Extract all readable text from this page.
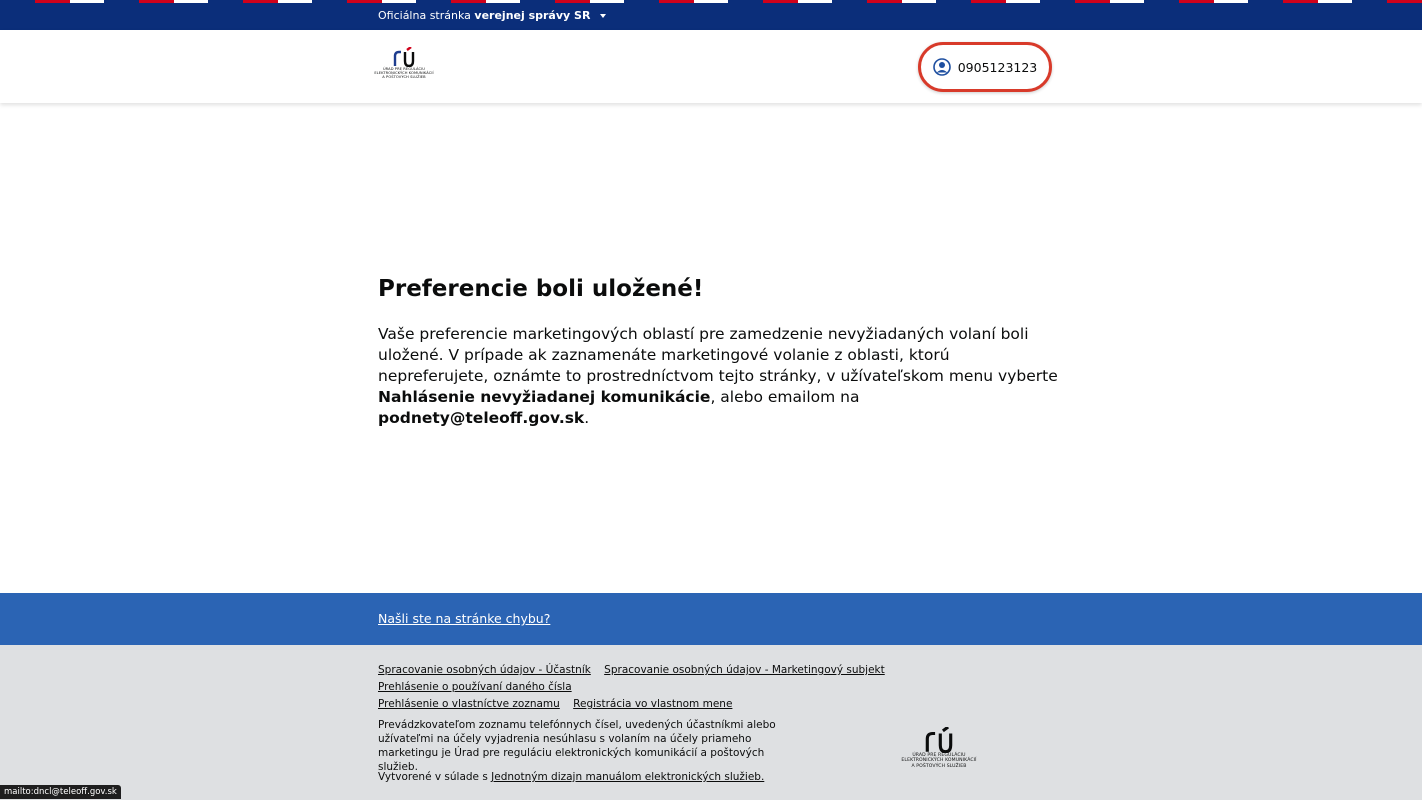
Oficiálna stránka verejnej správy SR
ÚRAD PRE REGULÁCIU
ELEKTRONICKÝCH KOMUNIKÁCIÍ
A POŠTOVÝCH SLUŽIEB
0905123123
Preferencie boli uložené!

Vaše preferencie marketingových oblastí pre zamedzenie nevyžiadaných volaní boli uložené. V prípade ak zaznamenáte marketingové volanie z oblasti, ktorú nepreferujete, oznámte to prostredníctvom tejto stránky, v užívateľskom menu vyberte Nahlásenie nevyžiadanej komunikácie, alebo emailom na podnety@teleoff.gov.sk.

Našli ste na stránke chybu?
Spracovanie osobných údajov - Účastník Spracovanie osobných údajov - Marketingový subjekt Prehlásenie o používaní daného čísla
Prehlásenie o vlastníctve zoznamu Registrácia vo vlastnom mene

Prevádzkovateľom zoznamu telefónnych čísel, uvedených účastníkmi alebo užívateľmi na účely vyjadrenia nesúhlasu s volaním na účely priameho marketingu je Úrad pre reguláciu elektronických komunikácií a poštových služieb.

Vytvorené v súlade s Jednotným dizajn manuálom elektronických služieb.

ÚRAD PRE REGULÁCIU
ELEKTRONICKÝCH KOMUNIKÁCIÍ
A POŠTOVÝCH SLUŽIEB
mailto:dncl@teleoff.gov.sk
